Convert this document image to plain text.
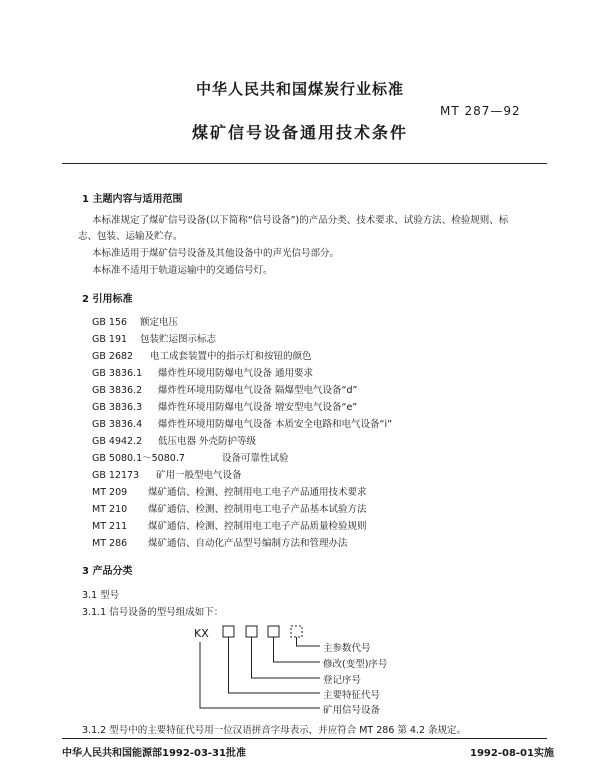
中华人民共和国煤炭行业标准
MT 287—92
煤矿信号设备通用技术条件
1 主题内容与适用范围
本标准规定了煤矿信号设备(以下简称“信号设备”)的产品分类、技术要求、试验方法、检验规则、标
志、包装、运输及贮存。
本标准适用于煤矿信号设备及其他设备中的声光信号部分。
本标准不适用于轨道运输中的交通信号灯。
2 引用标准
GB 156 额定电压
GB 191 包装贮运图示标志
GB 2682 电工成套装置中的指示灯和按钮的颜色
GB 3836.1 爆炸性环境用防爆电气设备 通用要求
GB 3836.2 爆炸性环境用防爆电气设备 隔爆型电气设备“d”
GB 3836.3 爆炸性环境用防爆电气设备 增安型电气设备“e”
GB 3836.4 爆炸性环境用防爆电气设备 本质安全电路和电气设备“i”
GB 4942.2 低压电器 外壳防护等级
GB 5080.1～5080.7	设备可靠性试验
GB 12173 矿用一般型电气设备
MT 209 煤矿通信、检测、控制用电工电子产品通用技术要求
MT 210 煤矿通信、检测、控制用电工电子产品基本试验方法
MT 211 煤矿通信、检测、控制用电工电子产品质量检验规则
MT 286 煤矿通信、自动化产品型号编制方法和管理办法
3 产品分类
3.1 型号
3.1.1 信号设备的型号组成如下：
KX
主参数代号
修改(变型)序号
登记序号
主要特征代号
矿用信号设备
3.1.2 型号中的主要特征代号用一位汉语拼音字母表示，并应符合 MT 286 第 4.2 条规定。
中华人民共和国能源部1992-03-31批准	1992-08-01实施
